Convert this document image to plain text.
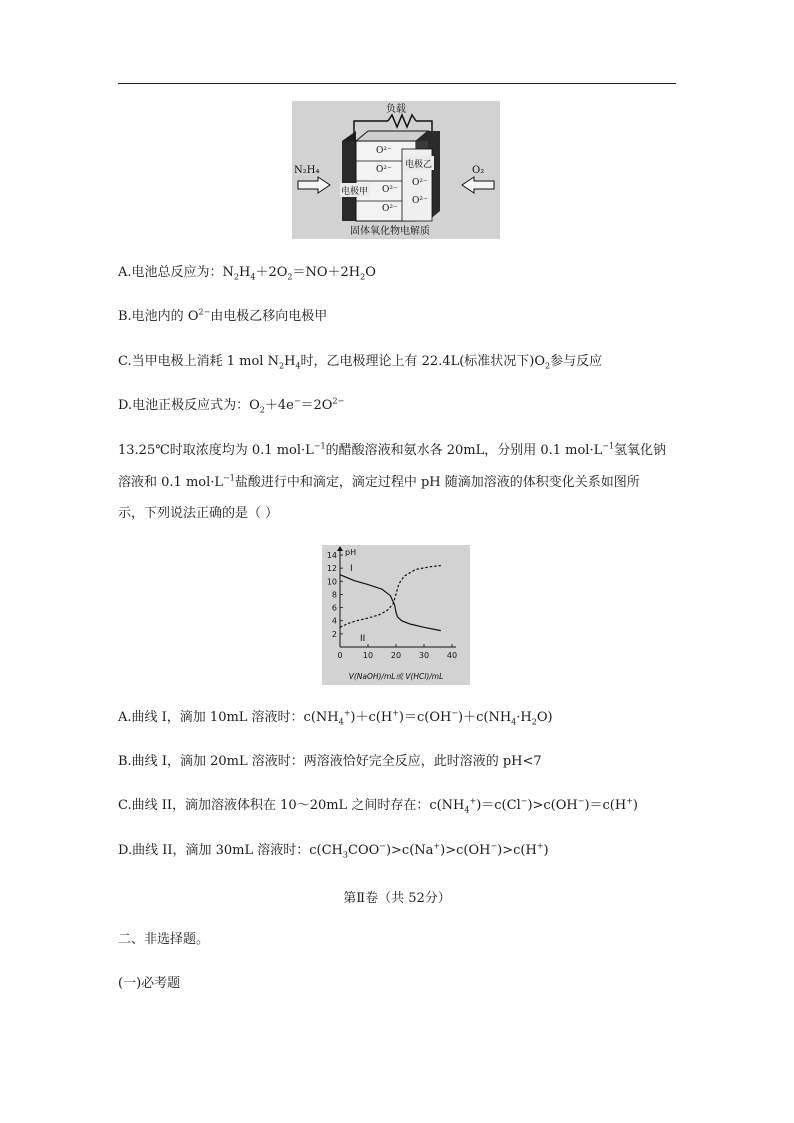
负载
O²⁻
O²⁻
O²⁻
O²⁻
O²⁻
O²⁻
电极甲
电极乙
N₂H₄	O₂
固体氧化物电解质
A.电池总反应为：$N_2H_4+2O_2=NO+2H_2O$
B.电池内的 $O^{2-}$由电极乙移向电极甲
C.当甲电极上消耗 1 mol $N_2H_4$时，乙电极理论上有 22.4L(标准状况下)$O_2$参与反应
D.电池正极反应式为：$O_2+4e^-=2O^{2-}$
13.25℃时取浓度均为 0.1 $mol\cdot L^{-1}$的醋酸溶液和氨水各 20mL，分别用 0.1 $mol\cdot L^{-1}$氢氧化钠
溶液和 0.1 $mol\cdot L^{-1}$盐酸进行中和滴定，滴定过程中 pH 随滴加溶液的体积变化关系如图所
示，下列说法正确的是（ ）
pH
2
4
6
8
10
12
14
0	10 20 30 40
V(NaOH)/mL或 V(HCl)/mL
I
II
A.曲线 I，滴加 10mL 溶液时：$c(NH_4^+)+c(H^+)=c(OH^-)+c(NH_4\cdot H_2O)$
B.曲线 I，滴加 20mL 溶液时：两溶液恰好完全反应，此时溶液的 pH<7
C.曲线 II，滴加溶液体积在 10～20mL 之间时存在：$c(NH_4^+)=c(Cl^-)>c(OH^-)=c(H^+)$
D.曲线 II，滴加 30mL 溶液时：$c(CH_3COO^-)>c(Na^+)>c(OH^-)>c(H^+)$
第Ⅱ卷（共 52分）
二、非选择题。
(一)必考题
